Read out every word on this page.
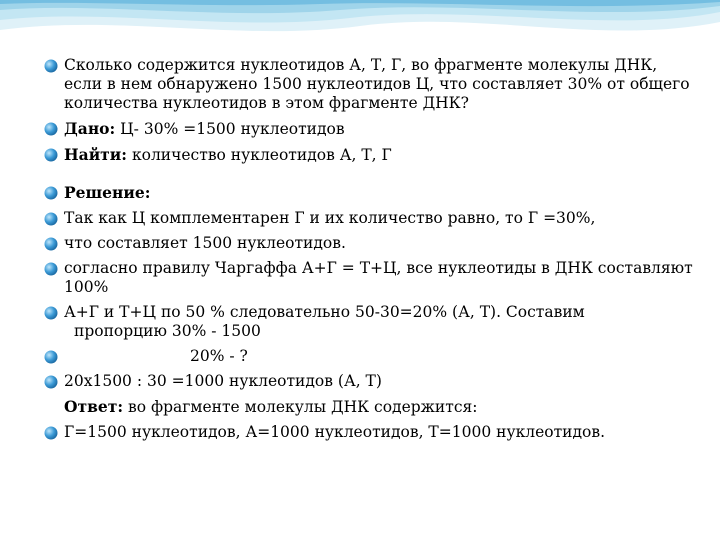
Сколько содержится нуклеотидов А, Т, Г, во фрагменте молекулы ДНК, если в нем обнаружено 1500 нуклеотидов Ц, что составляет 30% от общего количества нуклеотидов в этом фрагменте ДНК?
Дано: Ц- 30% =1500 нуклеотидов
Найти: количество нуклеотидов А, Т, Г
Решение:
Так как Ц комплементарен Г и их количество равно, то Г =30%,
что составляет 1500 нуклеотидов.
согласно правилу Чаргаффа А+Г = Т+Ц, все нуклеотиды в ДНК составляют 100%
А+Г и Т+Ц по 50 % следовательно 50-30=20% (А, Т). Составим
пропорцию 30% - 1500
20% - ?
20х1500 : 30 =1000 нуклеотидов (А, Т)
Ответ: во фрагменте молекулы ДНК содержится:
Г=1500 нуклеотидов, А=1000 нуклеотидов, Т=1000 нуклеотидов.
